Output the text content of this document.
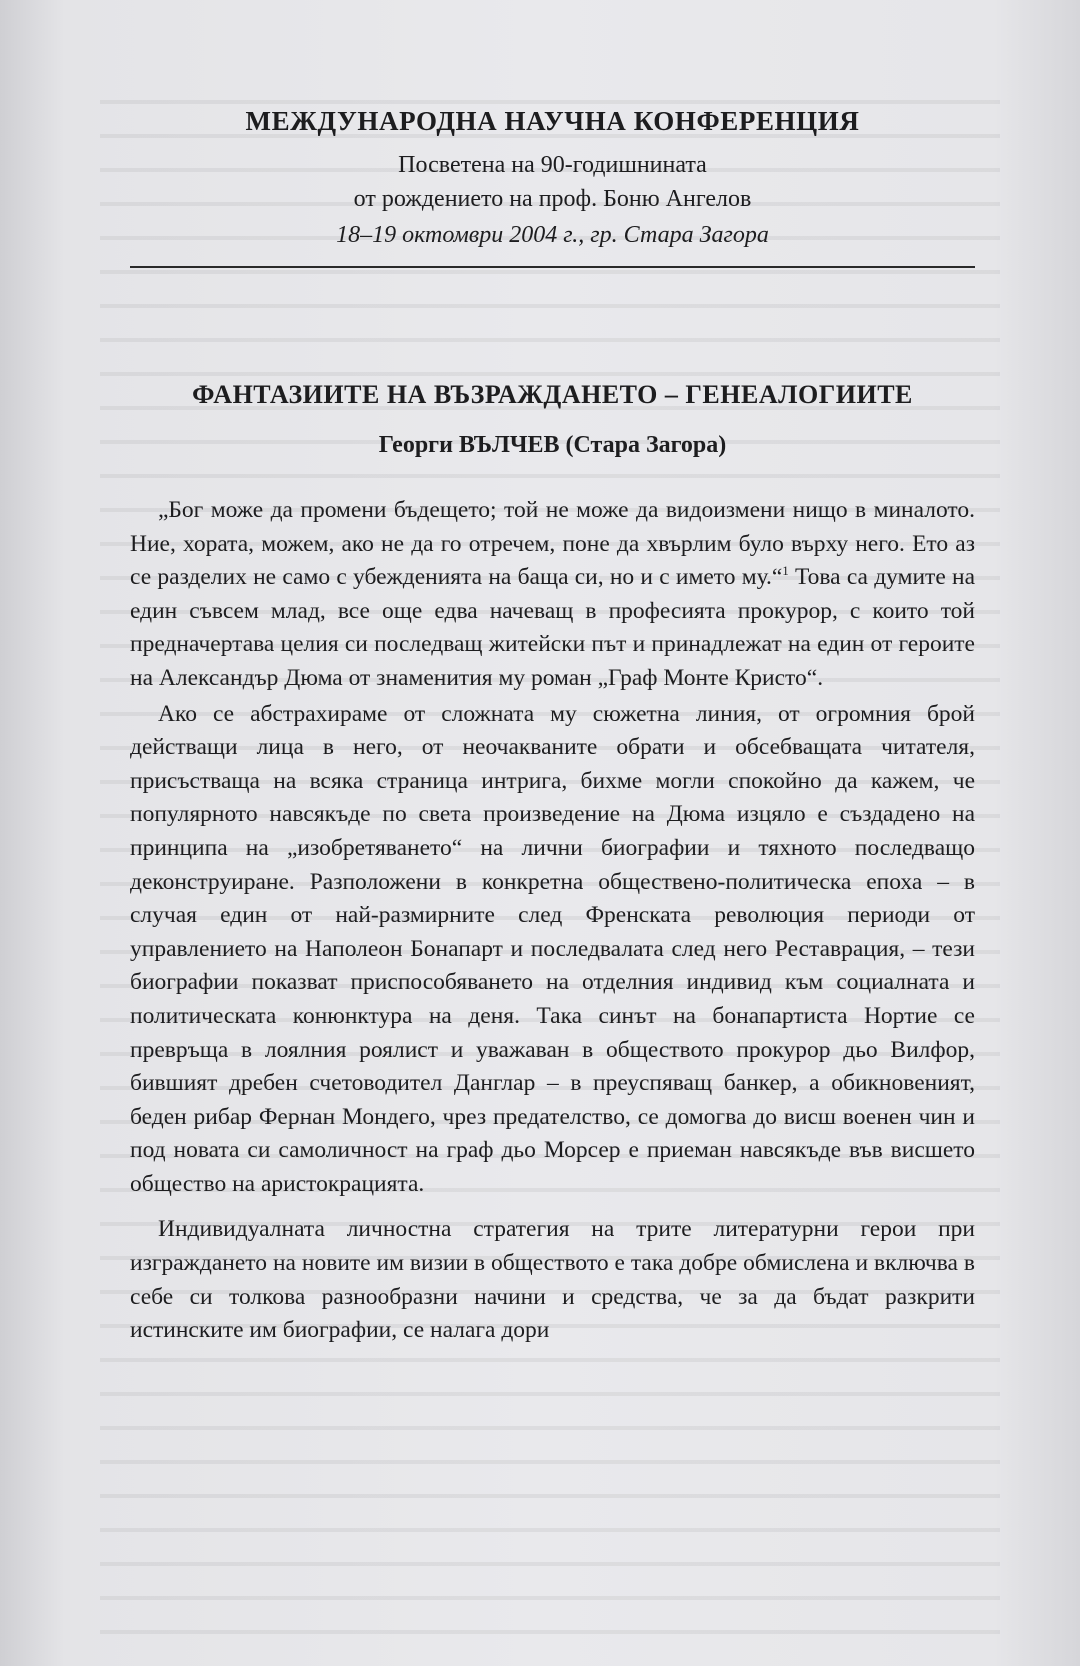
МЕЖДУНАРОДНА НАУЧНА КОНФЕРЕНЦИЯ

Посветена на 90-годишнината

от рождението на проф. Боню Ангелов

18–19 октомври 2004 г., гр. Стара Загора

ФАНТАЗИИТЕ НА ВЪЗРАЖДАНЕТО – ГЕНЕАЛОГИИТЕ

Георги ВЪЛЧЕВ (Стара Загора)

„Бог може да промени бъдещето; той не може да видоизмени нищо в миналото. Ние, хората, можем, ако не да го отречем, поне да хвърлим було върху него. Ето аз се разделих не само с убежденията на баща си, но и с името му.“$^1$ Това са думите на един съвсем млад, все още едва начеващ в професията прокурор, с които той предначертава целия си последващ житейски път и принадлежат на един от героите на Александър Дюма от знаменития му роман „Граф Монте Кристо“.

Ако се абстрахираме от сложната му сюжетна линия, от огромния брой действащи лица в него, от неочакваните обрати и обсебващата читателя, присъстваща на всяка страница интрига, бихме могли спокойно да кажем, че популярното навсякъде по света произведение на Дюма изцяло е създадено на принципа на „изобретяването“ на лични биографии и тяхното последващо деконструиране. Разположени в конкретна обществено-политическа епоха – в случая един от най-размирните след Френската революция периоди от управлението на Наполеон Бонапарт и последвалата след него Реставрация, – тези биографии показват приспособяването на отделния индивид към социалната и политическата конюнктура на деня. Така синът на бонапартиста Нортие се превръща в лоялния роялист и уважаван в обществото прокурор дьо Вилфор, бившият дребен счетоводител Данглар – в преуспяващ банкер, а обикновеният, беден рибар Фернан Мондего, чрез предателство, се домогва до висш военен чин и под новата си самоличност на граф дьо Морсер е приеман навсякъде във висшето общество на аристокрацията.

Индивидуалната личностна стратегия на трите литературни герои при изграждането на новите им визии в обществото е така добре обмислена и включва в себе си толкова разнообразни начини и средства, че за да бъдат разкрити истинските им биографии, се налага дори
